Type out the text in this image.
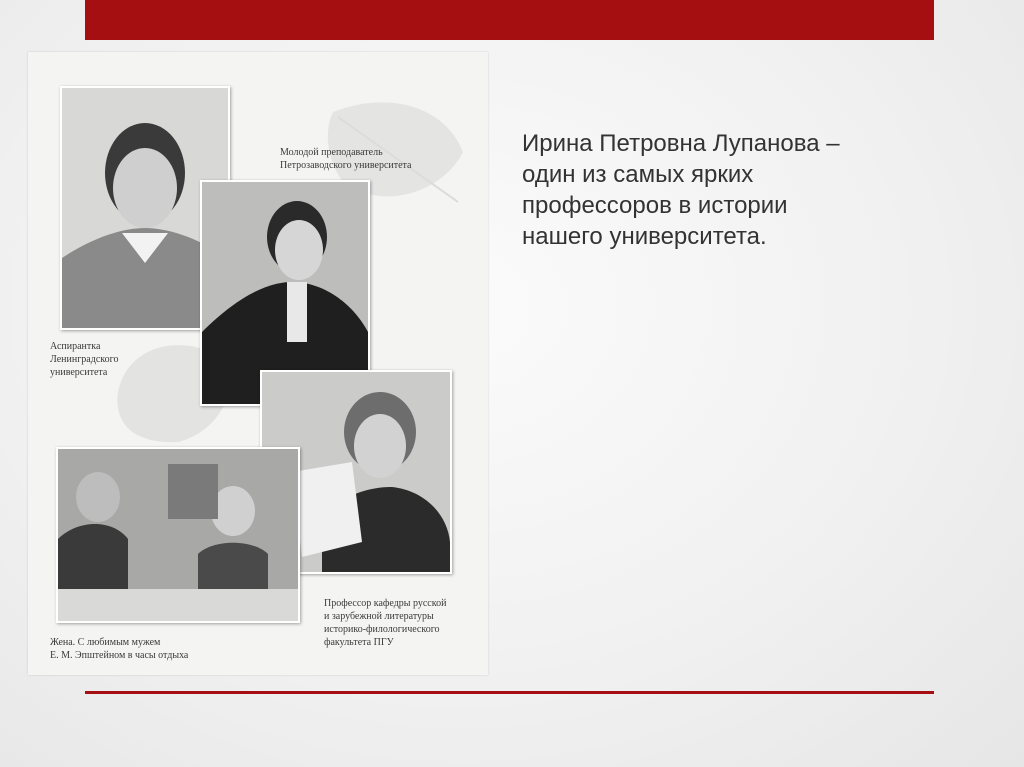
Молодой преподаватель
Петрозаводского университета
Аспирантка
Ленинградского
университета
Жена. С любимым мужем
Е. М. Эпштейном в часы отдыха
Профессор кафедры русской
и зарубежной литературы
историко-филологического
факультета ПГУ
Ирина Петровна Лупанова –
один из самых ярких
профессоров в истории
нашего университета.
